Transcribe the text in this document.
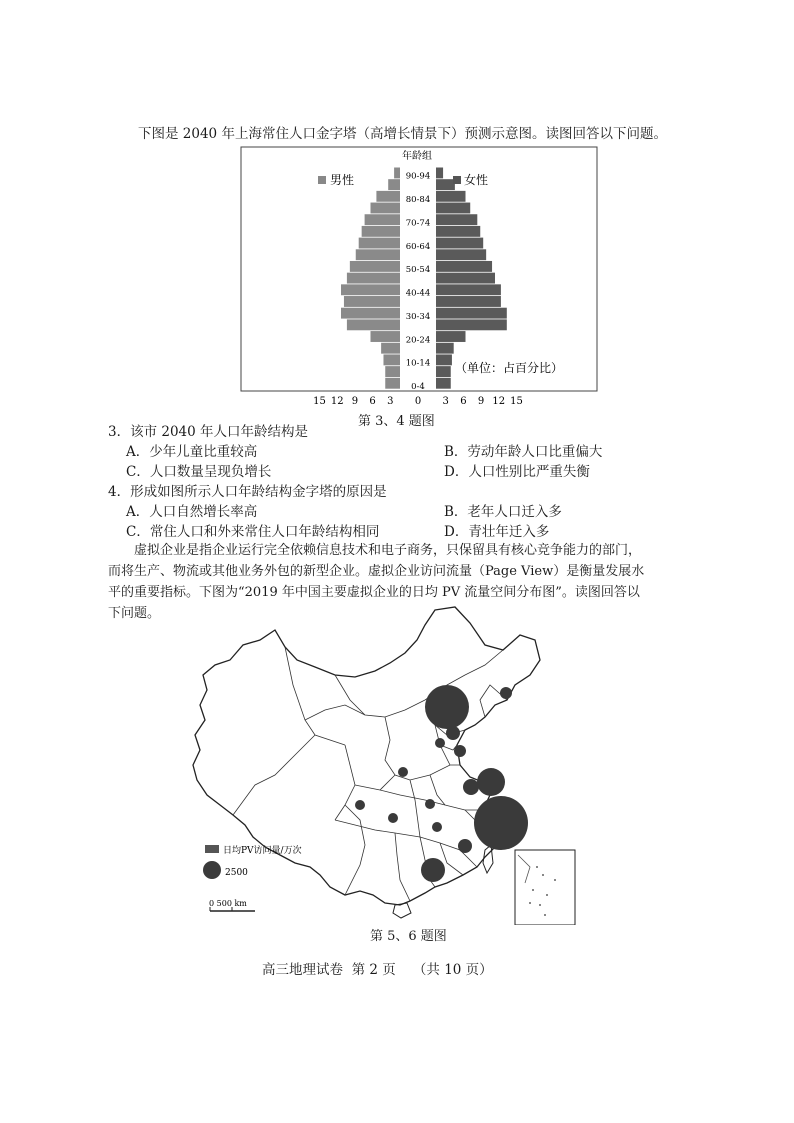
下图是 2040 年上海常住人口金字塔（高增长情景下）预测示意图。读图回答以下问题。
0-4
10-14
20-24
30-34
40-44
50-54
60-64
70-74
80-84
90-94
年龄组
男性	女性
（单位：占百分比）
15 12 9 6 3 0 3 6 9 12 15
第 3、4 题图
3．该市 2040 年人口年龄结构是
A．少年儿童比重较高	B．劳动年龄人口比重偏大
C．人口数量呈现负增长	D．人口性别比严重失衡
4．形成如图所示人口年龄结构金字塔的原因是
A．人口自然增长率高	B．老年人口迁入多
C．常住人口和外来常住人口年龄结构相同	D．青壮年迁入多
虚拟企业是指企业运行完全依赖信息技术和电子商务，只保留具有核心竞争能力的部门，
而将生产、物流或其他业务外包的新型企业。虚拟企业访问流量（Page View）是衡量发展水
平的重要指标。下图为“2019 年中国主要虚拟企业的日均 PV 流量空间分布图”。读图回答以
下问题。
日均PV访问量/万次
2500
0 500 km
第 5、6 题图
高三地理试卷  第 2 页    （共 10 页）
